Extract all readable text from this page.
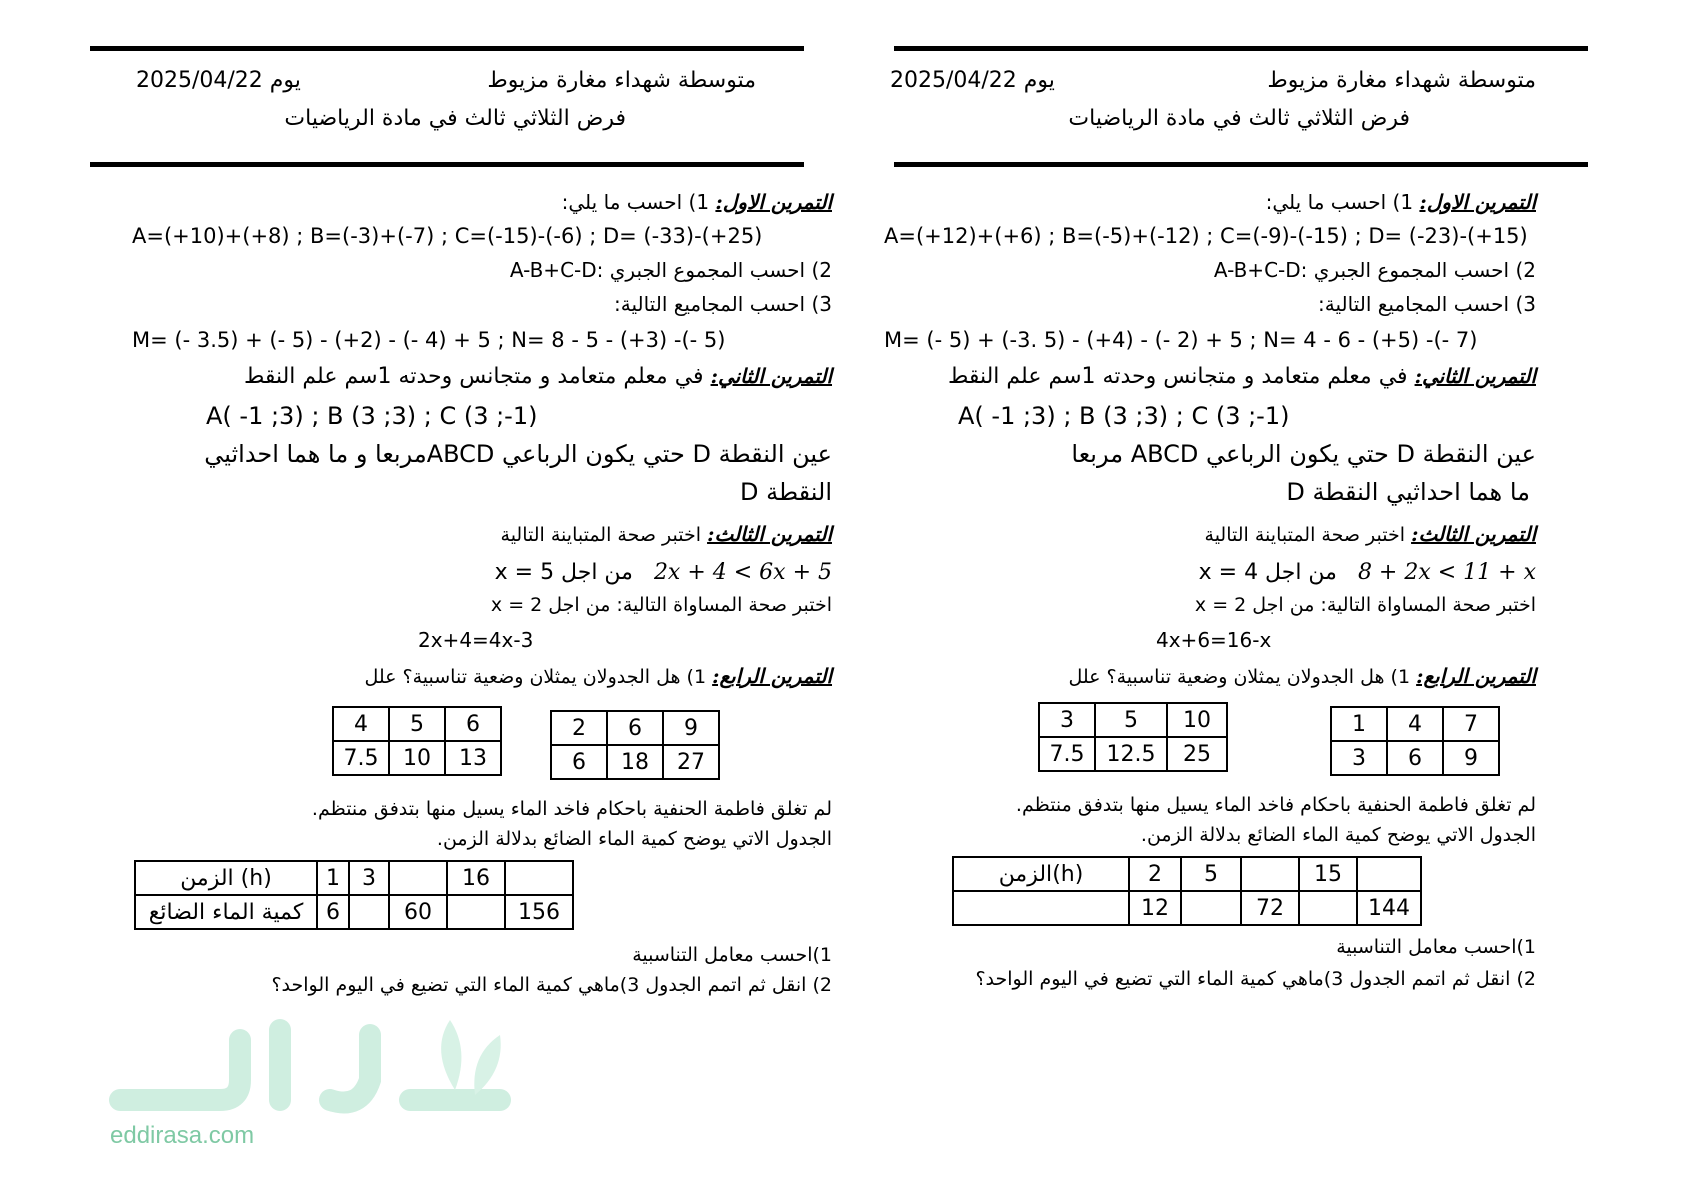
متوسطة شهداء مغارة مزيوط
يوم 2025/04/22
فرض الثلاثي ثالث في مادة الرياضيات
التمرين الاول: 1) احسب ما يلي:
A=(+10)+(+8) ; B=(-3)+(-7) ; C=(-15)-(-6) ; D= (-33)-(+25)
2) احسب المجموع الجبري :A-B+C-D
3) احسب المجاميع التالية:
M= (- 3.5) + (- 5) - (+2) - (- 4) + 5 ; N= 8 - 5 - (+3) -(- 5)
التمرين الثاني: في معلم متعامد و متجانس وحدته 1سم علم النقط
A( -1 ;3) ; B (3 ;3) ; C (3 ;-1)
عين النقطة D حتي يكون الرباعي ABCDمربعا و ما هما احداثيي
النقطة D
التمرين الثالث: اختبر صحة المتباينة التالية
من اجل x = 5 2x + 4 < 6x + 5
اختبر صحة المساواة التالية: من اجل x = 2
2x+4=4x-3
التمرين الرابع: 1) هل الجدولان يمثلان وضعية تناسبية؟ علل
4	5	6
7.5	10	13
2	6	9
6	18	27
لم تغلق فاطمة الحنفية باحكام فاخد الماء يسيل منها بتدفق منتظم.
الجدول الاتي يوضح كمية الماء الضائع بدلالة الزمن.
الزمن (h)	1	3		16	
كمية الماء الضائع	6		60		156
1)احسب معامل التناسبية
2) انقل ثم اتمم الجدول 3)ماهي كمية الماء التي تضيع في اليوم الواحد؟
متوسطة شهداء مغارة مزيوط
يوم 2025/04/22
فرض الثلاثي ثالث في مادة الرياضيات
التمرين الاول: 1) احسب ما يلي:
A=(+12)+(+6) ; B=(-5)+(-12) ; C=(-9)-(-15) ; D= (-23)-(+15)
2) احسب المجموع الجبري :A-B+C-D
3) احسب المجاميع التالية:
M= (- 5) + (-3. 5) - (+4) - (- 2) + 5 ; N= 4 - 6 - (+5) -(- 7)
التمرين الثاني: في معلم متعامد و متجانس وحدته 1سم علم النقط
A( -1 ;3) ; B (3 ;3) ; C (3 ;-1)
عين النقطة D حتي يكون الرباعي ABCD مربعا
ما هما احداثيي النقطة D
التمرين الثالث: اختبر صحة المتباينة التالية
من اجل x = 4 8 + 2x < 11 + x
اختبر صحة المساواة التالية: من اجل x = 2
4x+6=16-x
التمرين الرابع: 1) هل الجدولان يمثلان وضعية تناسبية؟ علل
3	5	10
7.5	12.5	25
1	4	7
3	6	9
لم تغلق فاطمة الحنفية باحكام فاخد الماء يسيل منها بتدفق منتظم.
الجدول الاتي يوضح كمية الماء الضائع بدلالة الزمن.
الزمن(h)	2	5		15	
	12		72		144
1)احسب معامل التناسبية
2) انقل ثم اتمم الجدول 3)ماهي كمية الماء التي تضيع في اليوم الواحد؟
eddirasa.com
